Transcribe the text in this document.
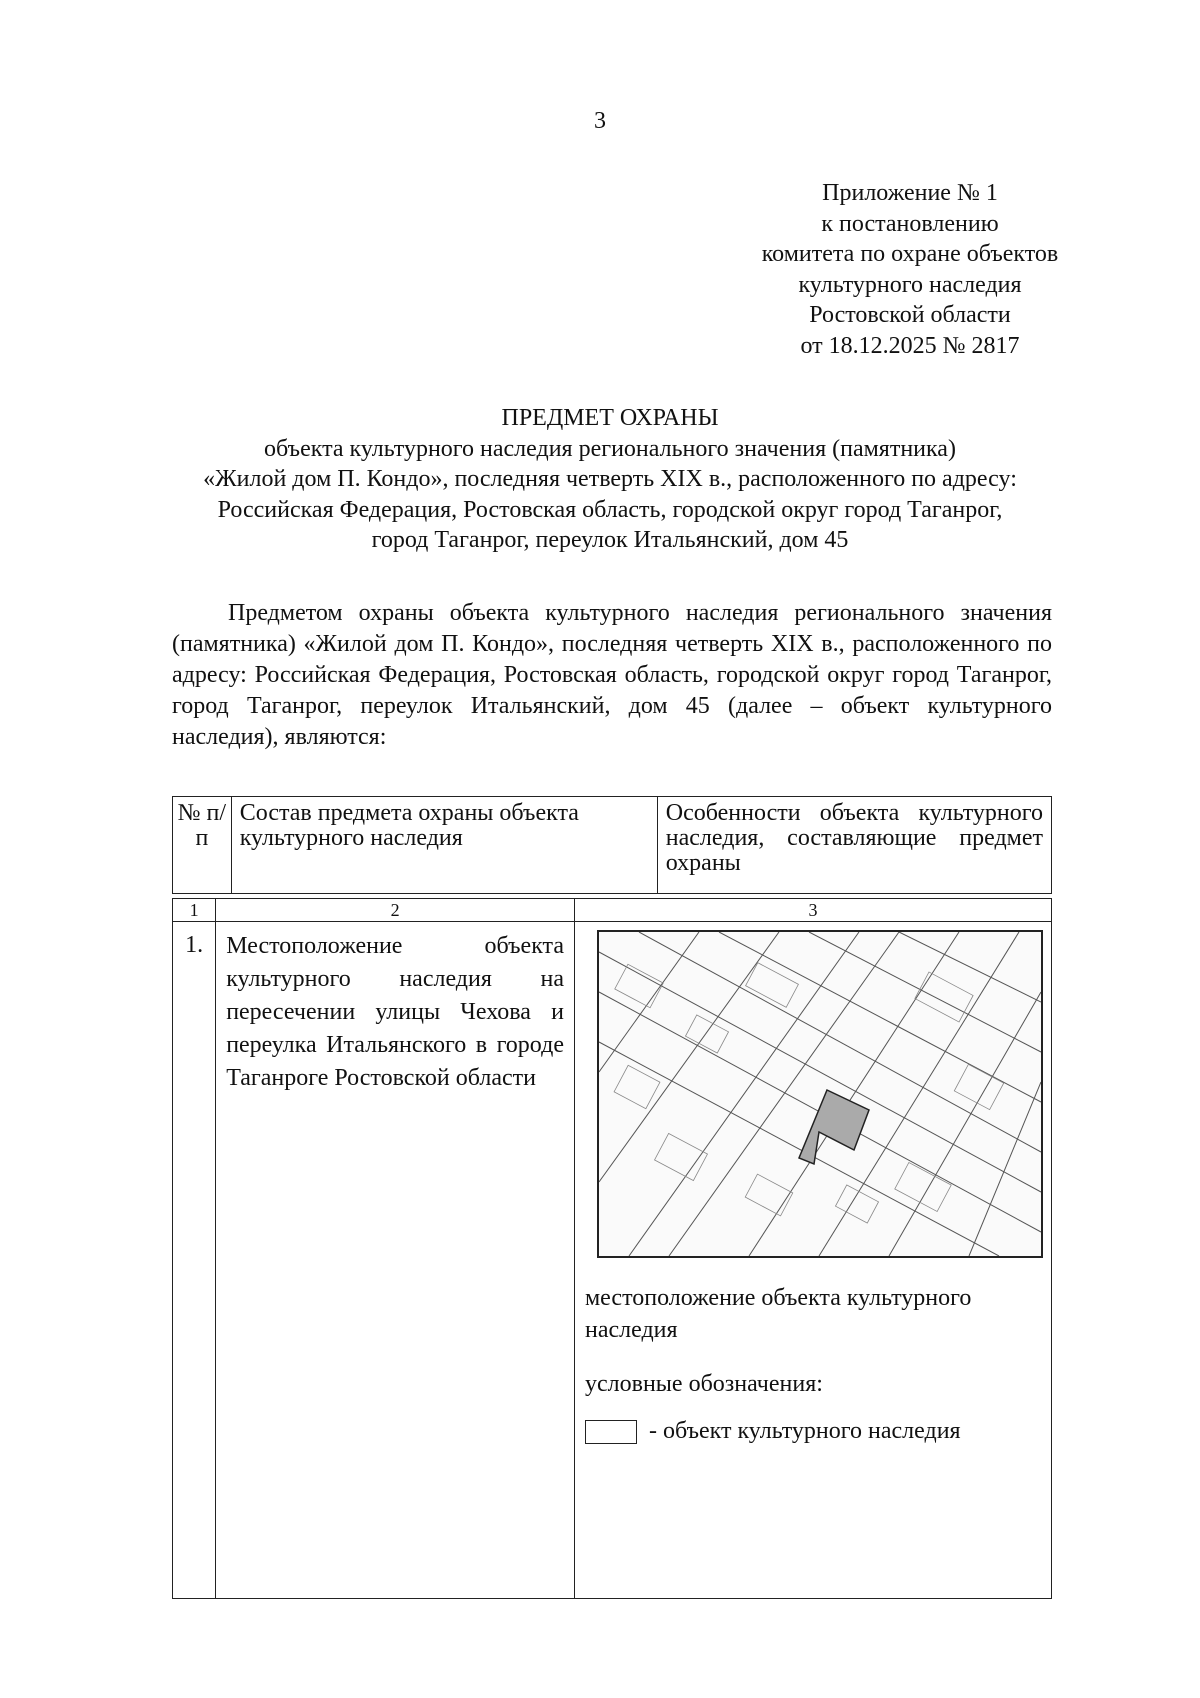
3
Приложение № 1
к постановлению
комитета по охране объектов
культурного наследия
Ростовской области
от 18.12.2025 № 2817
ПРЕДМЕТ ОХРАНЫ
объекта культурного наследия регионального значения (памятника)
«Жилой дом П. Кондо», последняя четверть XIX в., расположенного по адресу:
Российская Федерация, Ростовская область, городской округ город Таганрог,
город Таганрог, переулок Итальянский, дом 45
Предметом охраны объекта культурного наследия регионального значения (памятника) «Жилой дом П. Кондо», последняя четверть XIX в., расположенного по адресу: Российская Федерация, Ростовская область, городской округ город Таганрог, город Таганрог, переулок Итальянский, дом 45 (далее – объект культурного наследия), являются:
№ п/п	Состав предмета охраны объекта культурного наследия	Особенности объекта культурного наследия, составляющие предмет охраны
1	2	3
1.	Местоположение объекта культурного наследия на пересечении улицы Чехова и переулка Итальянского в городе Таганроге Ростовской области	местоположение объекта культурного наследия
условные обозначения:
- объект культурного наследия
